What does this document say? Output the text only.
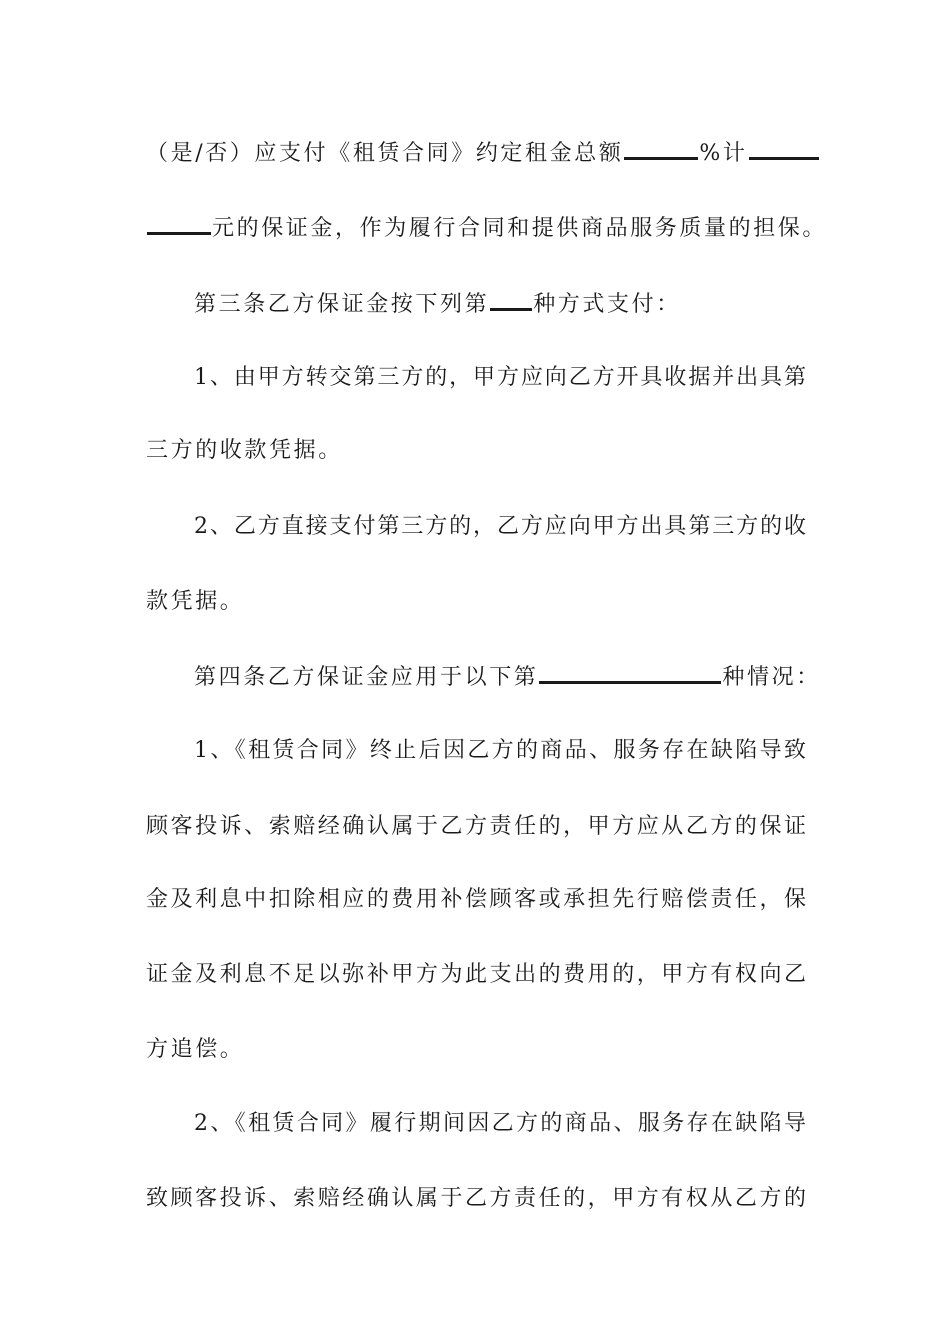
（是/否）应支付《租赁合同》约定租金总额	%计
元的保证金，作为履行合同和提供商品服务质量的担保。
第三条乙方保证金按下列第 种方式支付：
1、由甲方转交第三方的，甲方应向乙方开具收据并出具第
三方的收款凭据。
2、乙方直接支付第三方的，乙方应向甲方出具第三方的收
款凭据。
第四条乙方保证金应用于以下第	种情况：
1、《租赁合同》终止后因乙方的商品、服务存在缺陷导致
顾客投诉、索赔经确认属于乙方责任的，甲方应从乙方的保证
金及利息中扣除相应的费用补偿顾客或承担先行赔偿责任，保
证金及利息不足以弥补甲方为此支出的费用的，甲方有权向乙
方追偿。
2、《租赁合同》履行期间因乙方的商品、服务存在缺陷导
致顾客投诉、索赔经确认属于乙方责任的，甲方有权从乙方的
